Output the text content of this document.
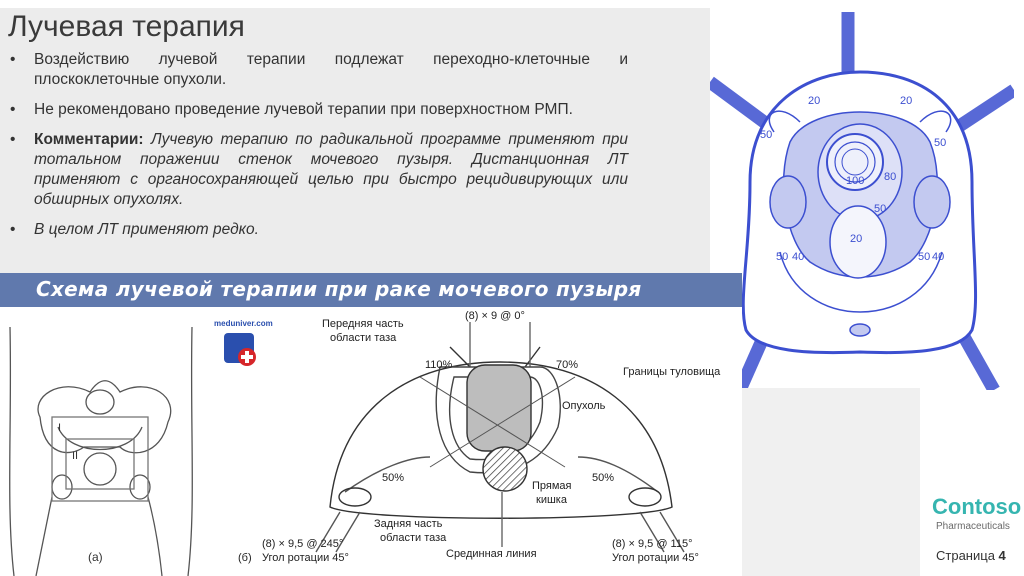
Лучевая терапия
• Воздействию лучевой терапии подлежат переходно-клеточные и плоскоклеточные опухоли.
• Не рекомендовано проведение лучевой терапии при поверхностном РМП.
• Комментарии: Лучевую терапию по радикальной программе применяют при тотальном поражении стенок мочевого пузыря. Дистанционная ЛТ применяют с органосохраняющей целью при быстро рецидивирующих или обширных опухолях.
• В целом ЛТ применяют редко.
20	20
50
50
100 80
50
20
50 40	50 40
Схема лучевой терапии при раке мочевого пузыря
I
II
(а)
meduniver.com
(8) × 9 @ 0°
Передняя часть
области таза
110%	70%
Границы туловища
Опухоль
50%	50%
Прямая
кишка
Задняя часть
области таза
(8) × 9,5 @ 245°
Угол ротации 45°
(б)	Срединная линия
(8) × 9,5 @ 115°
Угол ротации 45°
Contoso
Pharmaceuticals
Страница 4
